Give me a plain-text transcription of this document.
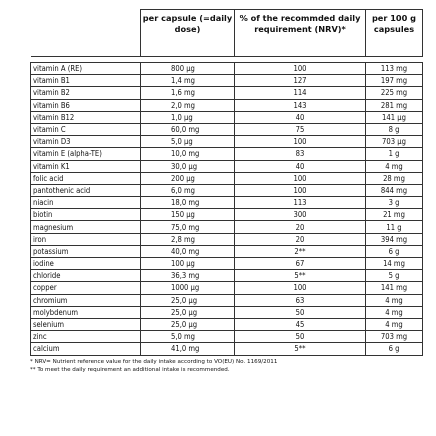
	per capsule (=daily dose)	% of the recommded daily requirement (NRV)*	per 100 g capsules

vitamin A (RE)	800 µg	100	113 mg
vitamin B1	1,4 mg	127	197 mg
vitamin B2	1,6 mg	114	225 mg
vitamin B6	2,0 mg	143	281 mg
vitamin B12	1,0 µg	40	141 µg
vitamin C	60,0 mg	75	8 g
vitamin D3	5,0 µg	100	703 µg
vitamin E (alpha-TE)	10,0 mg	83	1 g
vitamin K1	30,0 µg	40	4 mg
folic acid	200 µg	100	28 mg
pantothenic acid	6,0 mg	100	844 mg
niacin	18,0 mg	113	3 g
biotin	150 µg	300	21 mg
magnesium	75,0 mg	20	11 g
iron	2,8 mg	20	394 mg
potassium	40,0 mg	2**	6 g
iodine	100 µg	67	14 mg
chloride	36,3 mg	5**	5 g
copper	1000 µg	100	141 mg
chromium	25,0 µg	63	4 mg
molybdenum	25,0 µg	50	4 mg
selenium	25,0 µg	45	4 mg
zinc	5,0 mg	50	703 mg
calcium	41,0 mg	5**	6 g
* NRV= Nutrient reference value for the daily intake according to VO(EU) No. 1169/2011
** To meet the daily requirement an additional intake is recommended.
